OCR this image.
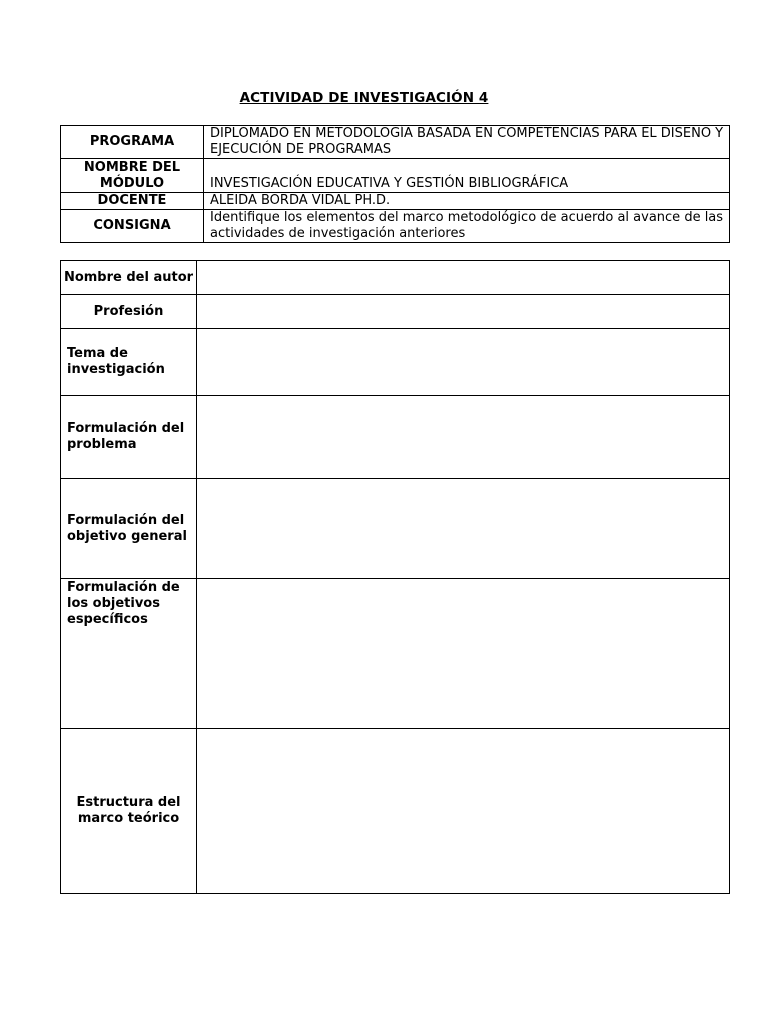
ACTIVIDAD DE INVESTIGACIÓN 4
PROGRAMA	DIPLOMADO EN METODOLOGÍA BASADA EN COMPETENCIAS PARA EL DISEÑO Y EJECUCIÓN DE PROGRAMAS
NOMBRE DEL MÓDULO	INVESTIGACIÓN EDUCATIVA Y GESTIÓN BIBLIOGRÁFICA
DOCENTE	ALEIDA BORDA VIDAL PH.D.
CONSIGNA	Identifique los elementos del marco metodológico de acuerdo al avance de las actividades de investigación anteriores
Nombre del autor	
Profesión	
Tema de investigación	
Formulación del problema	
Formulación del objetivo general	
Formulación de los objetivos específicos	
Estructura del marco teórico	
